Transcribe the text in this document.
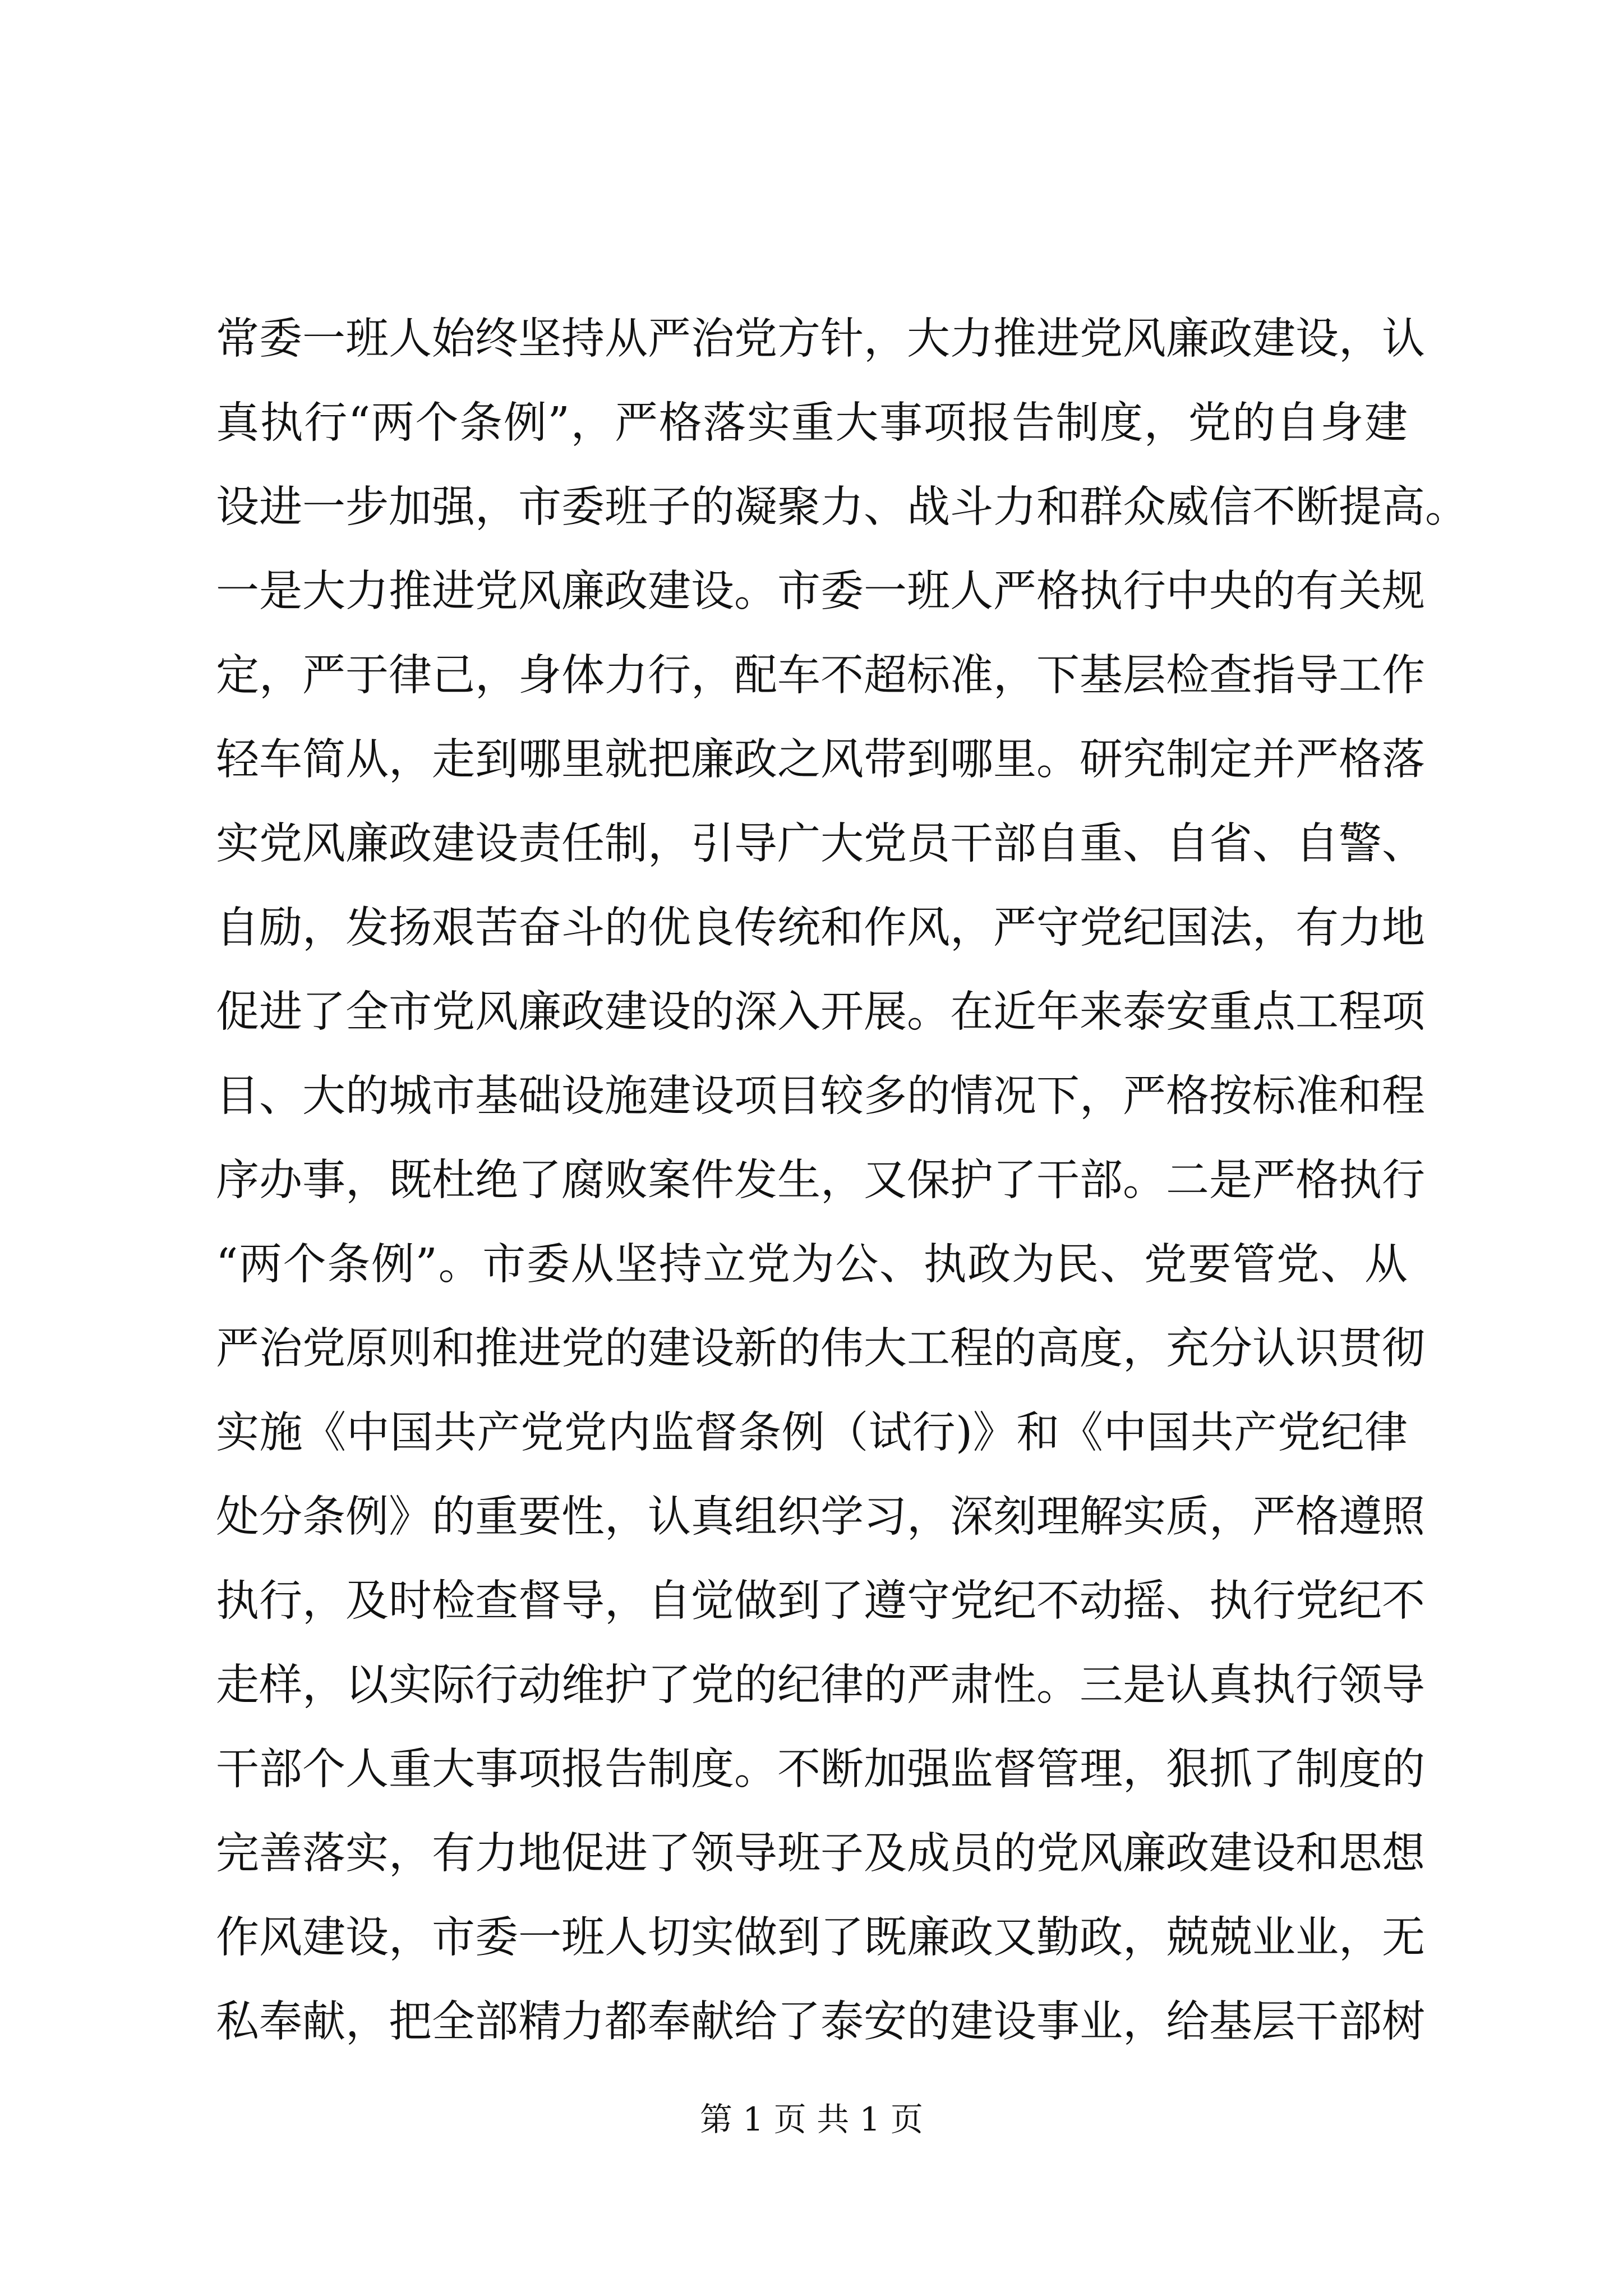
常委一班人始终坚持从严治党方针，大力推进党风廉政建设，认
真执行“两个条例”，严格落实重大事项报告制度，党的自身建
设进一步加强，市委班子的凝聚力、战斗力和群众威信不断提高。
一是大力推进党风廉政建设。市委一班人严格执行中央的有关规
定，严于律己，身体力行，配车不超标准，下基层检查指导工作
轻车简从，走到哪里就把廉政之风带到哪里。研究制定并严格落
实党风廉政建设责任制，引导广大党员干部自重、自省、自警、
自励，发扬艰苦奋斗的优良传统和作风，严守党纪国法，有力地
促进了全市党风廉政建设的深入开展。在近年来泰安重点工程项
目、大的城市基础设施建设项目较多的情况下，严格按标准和程
序办事，既杜绝了腐败案件发生，又保护了干部。二是严格执行
“两个条例”。市委从坚持立党为公、执政为民、党要管党、从
严治党原则和推进党的建设新的伟大工程的高度，充分认识贯彻
实施《中国共产党党内监督条例（试行)》和《中国共产党纪律
处分条例》的重要性，认真组织学习，深刻理解实质，严格遵照
执行，及时检查督导，自觉做到了遵守党纪不动摇、执行党纪不
走样，以实际行动维护了党的纪律的严肃性。三是认真执行领导
干部个人重大事项报告制度。不断加强监督管理，狠抓了制度的
完善落实，有力地促进了领导班子及成员的党风廉政建设和思想
作风建设，市委一班人切实做到了既廉政又勤政，兢兢业业，无
私奉献，把全部精力都奉献给了泰安的建设事业，给基层干部树
第 1 页 共 1 页
